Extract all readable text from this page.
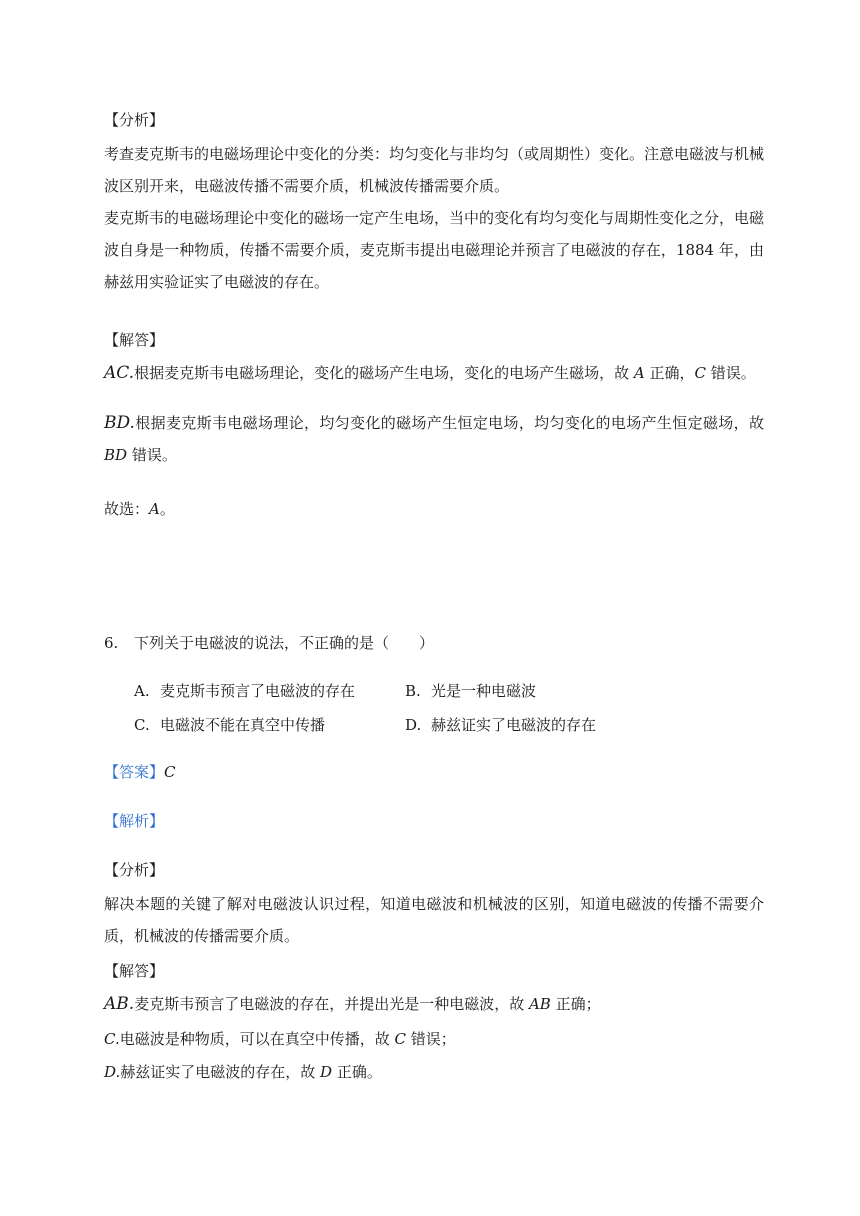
【分析】
考查麦克斯韦的电磁场理论中变化的分类：均匀变化与非均匀（或周期性）变化。注意电磁波与机械波区别开来，电磁波传播不需要介质，机械波传播需要介质。
麦克斯韦的电磁场理论中变化的磁场一定产生电场，当中的变化有均匀变化与周期性变化之分，电磁波自身是一种物质，传播不需要介质，麦克斯韦提出电磁理论并预言了电磁波的存在，1884 年，由赫兹用实验证实了电磁波的存在。
【解答】
AC.根据麦克斯韦电磁场理论，变化的磁场产生电场，变化的电场产生磁场，故 A 正确，C 错误。
BD.根据麦克斯韦电磁场理论，均匀变化的磁场产生恒定电场，均匀变化的电场产生恒定磁场，故 BD 错误。
故选：A。
6. 下列关于电磁波的说法，不正确的是（　　）
A. 麦克斯韦预言了电磁波的存在	B. 光是一种电磁波
C. 电磁波不能在真空中传播	D. 赫兹证实了电磁波的存在
【答案】C
【解析】
【分析】
解决本题的关键了解对电磁波认识过程，知道电磁波和机械波的区别，知道电磁波的传播不需要介质，机械波的传播需要介质。
【解答】
AB.麦克斯韦预言了电磁波的存在，并提出光是一种电磁波，故 AB 正确；
C.电磁波是种物质，可以在真空中传播，故 C 错误；
D.赫兹证实了电磁波的存在，故 D 正确。
